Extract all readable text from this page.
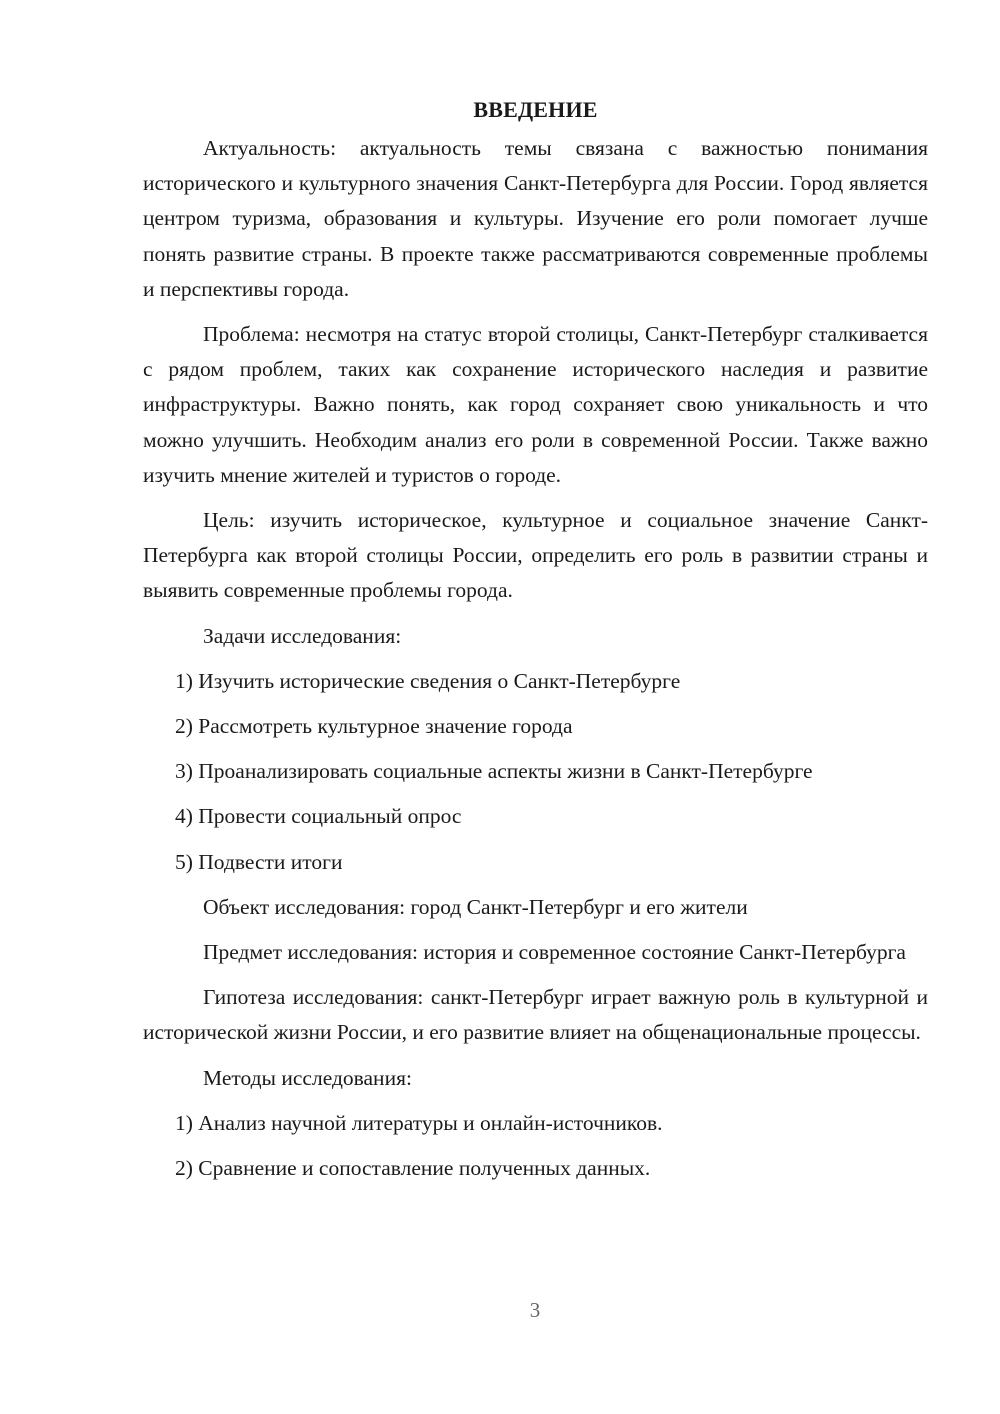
ВВЕДЕНИЕ

Актуальность: актуальность темы связана с важностью понимания исторического и культурного значения Санкт-Петербурга для России. Город является центром туризма, образования и культуры. Изучение его роли помогает лучше понять развитие страны. В проекте также рассматриваются современные проблемы и перспективы города.

Проблема: несмотря на статус второй столицы, Санкт-Петербург сталкивается с рядом проблем, таких как сохранение исторического наследия и развитие инфраструктуры. Важно понять, как город сохраняет свою уникальность и что можно улучшить. Необходим анализ его роли в современной России. Также важно изучить мнение жителей и туристов о городе.

Цель: изучить историческое, культурное и социальное значение Санкт-Петербурга как второй столицы России, определить его роль в развитии страны и выявить современные проблемы города.

Задачи исследования:
1) Изучить исторические сведения о Санкт-Петербурге
2) Рассмотреть культурное значение города
3) Проанализировать социальные аспекты жизни в Санкт-Петербурге
4) Провести социальный опрос
5) Подвести итоги
Объект исследования: город Санкт-Петербург и его жители

Предмет исследования: история и современное состояние Санкт-Петербурга

Гипотеза исследования: санкт-Петербург играет важную роль в культурной и исторической жизни России, и его развитие влияет на общенациональные процессы.

Методы исследования:
1) Анализ научной литературы и онлайн-источников.
2) Сравнение и сопоставление полученных данных.
3
